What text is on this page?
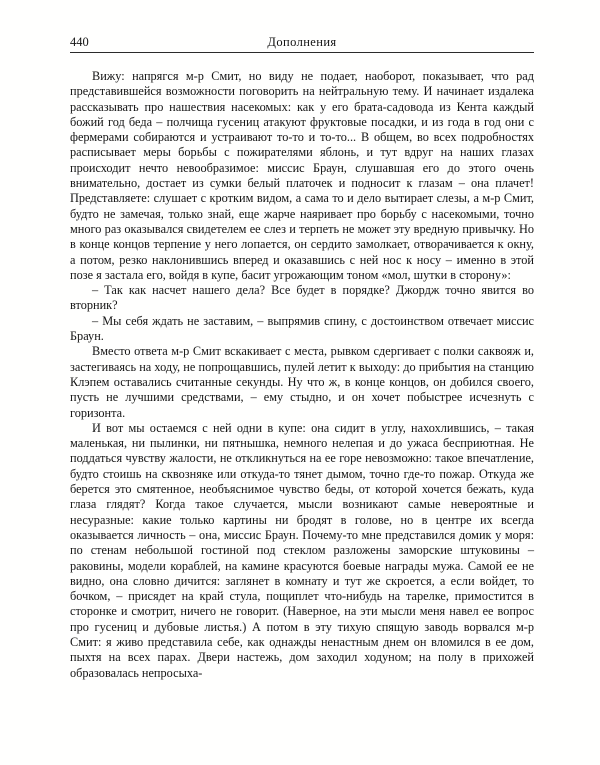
440	Дополнения

Вижу: напрягся м-р Смит, но виду не подает, наоборот, показывает, что рад представившейся возможности поговорить на нейтральную тему. И начинает издалека рассказывать про нашествия насекомых: как у его брата-садовода из Кента каждый божий год беда – полчища гусениц атакуют фруктовые посадки, и из года в год они с фермерами собираются и устраивают то-то и то-то... В общем, во всех подробностях расписывает меры борьбы с пожирателями яблонь, и тут вдруг на наших глазах происходит нечто невообразимое: миссис Браун, слушавшая его до этого очень внимательно, достает из сумки белый платочек и подносит к глазам – она плачет! Представляете: слушает с кротким видом, а сама то и дело вытирает слезы, а м-р Смит, будто не замечая, только знай, еще жарче наяривает про борьбу с насекомыми, точно много раз оказывался свидетелем ее слез и терпеть не может эту вредную привычку. Но в конце концов терпение у него лопается, он сердито замолкает, отворачивается к окну, а потом, резко наклонившись вперед и оказавшись с ней нос к носу – именно в этой позе я застала его, войдя в купе, басит угрожающим тоном «мол, шутки в сторону»:

– Так как насчет нашего дела? Все будет в порядке? Джордж точно явится во вторник?

– Мы себя ждать не заставим, – выпрямив спину, с достоинством отвечает миссис Браун.

Вместо ответа м-р Смит вскакивает с места, рывком сдергивает с полки саквояж и, застегиваясь на ходу, не попрощавшись, пулей летит к выходу: до прибытия на станцию Клэпем оставались считанные секунды. Ну что ж, в конце концов, он добился своего, пусть не лучшими средствами, – ему стыдно, и он хочет побыстрее исчезнуть с горизонта.

И вот мы остаемся с ней одни в купе: она сидит в углу, нахохлившись, – такая маленькая, ни пылинки, ни пятнышка, немного нелепая и до ужаса бесприютная. Не поддаться чувству жалости, не откликнуться на ее горе невозможно: такое впечатление, будто стоишь на сквозняке или откуда-то тянет дымом, точно где-то пожар. Откуда же берется это смятенное, необъяснимое чувство беды, от которой хочется бежать, куда глаза глядят? Когда такое случается, мысли возникают самые невероятные и несуразные: какие только картины ни бродят в голове, но в центре их всегда оказывается личность – она, миссис Браун. Почему-то мне представился домик у моря: по стенам небольшой гостиной под стеклом разложены заморские штуковины – раковины, модели кораблей, на камине красуются боевые награды мужа. Самой ее не видно, она словно дичится: заглянет в комнату и тут же скроется, а если войдет, то бочком, – присядет на край стула, пощиплет что-нибудь на тарелке, примостится в сторонке и смотрит, ничего не говорит. (Наверное, на эти мысли меня навел ее вопрос про гусениц и дубовые листья.) А потом в эту тихую спящую заводь ворвался м-р Смит: я живо представила себе, как однажды ненастным днем он вломился в ее дом, пыхтя на всех парах. Двери настежь, дом заходил ходуном; на полу в прихожей образовалась непросыха-
